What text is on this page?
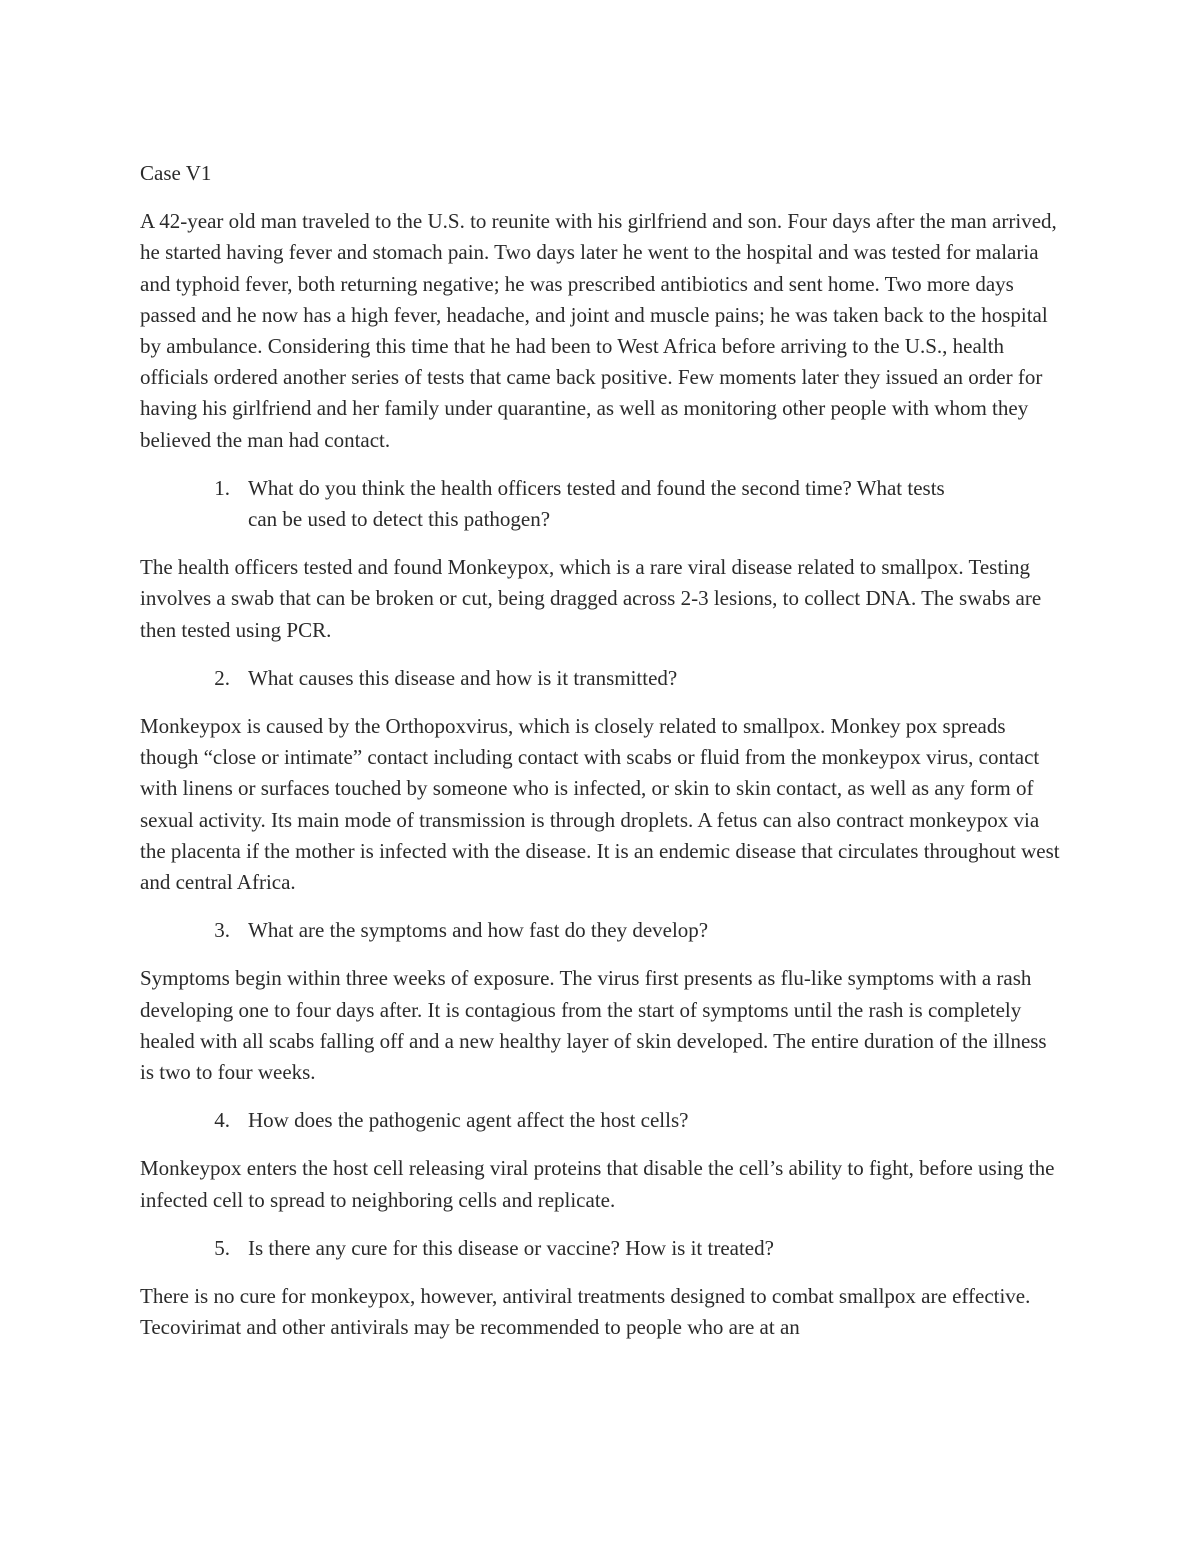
Case V1

A 42-year old man traveled to the U.S. to reunite with his girlfriend and son. Four days after the man arrived, he started having fever and stomach pain. Two days later he went to the hospital and was tested for malaria and typhoid fever, both returning negative; he was prescribed antibiotics and sent home. Two more days passed and he now has a high fever, headache, and joint and muscle pains; he was taken back to the hospital by ambulance. Considering this time that he had been to West Africa before arriving to the U.S., health officials ordered another series of tests that came back positive. Few moments later they issued an order for having his girlfriend and her family under quarantine, as well as monitoring other people with whom they believed the man had contact.

1. What do you think the health officers tested and found the second time? What tests can be used to detect this pathogen?

The health officers tested and found Monkeypox, which is a rare viral disease related to smallpox. Testing involves a swab that can be broken or cut, being dragged across 2-3 lesions, to collect DNA. The swabs are then tested using PCR.

2. What causes this disease and how is it transmitted?

Monkeypox is caused by the Orthopoxvirus, which is closely related to smallpox. Monkey pox spreads though “close or intimate” contact including contact with scabs or fluid from the monkeypox virus, contact with linens or surfaces touched by someone who is infected, or skin to skin contact, as well as any form of sexual activity. Its main mode of transmission is through droplets. A fetus can also contract monkeypox via the placenta if the mother is infected with the disease. It is an endemic disease that circulates throughout west and central Africa.

3. What are the symptoms and how fast do they develop?

Symptoms begin within three weeks of exposure. The virus first presents as flu-like symptoms with a rash developing one to four days after. It is contagious from the start of symptoms until the rash is completely healed with all scabs falling off and a new healthy layer of skin developed. The entire duration of the illness is two to four weeks.

4. How does the pathogenic agent affect the host cells?

Monkeypox enters the host cell releasing viral proteins that disable the cell’s ability to fight, before using the infected cell to spread to neighboring cells and replicate.

5. Is there any cure for this disease or vaccine? How is it treated?

There is no cure for monkeypox, however, antiviral treatments designed to combat smallpox are effective. Tecovirimat and other antivirals may be recommended to people who are at an
